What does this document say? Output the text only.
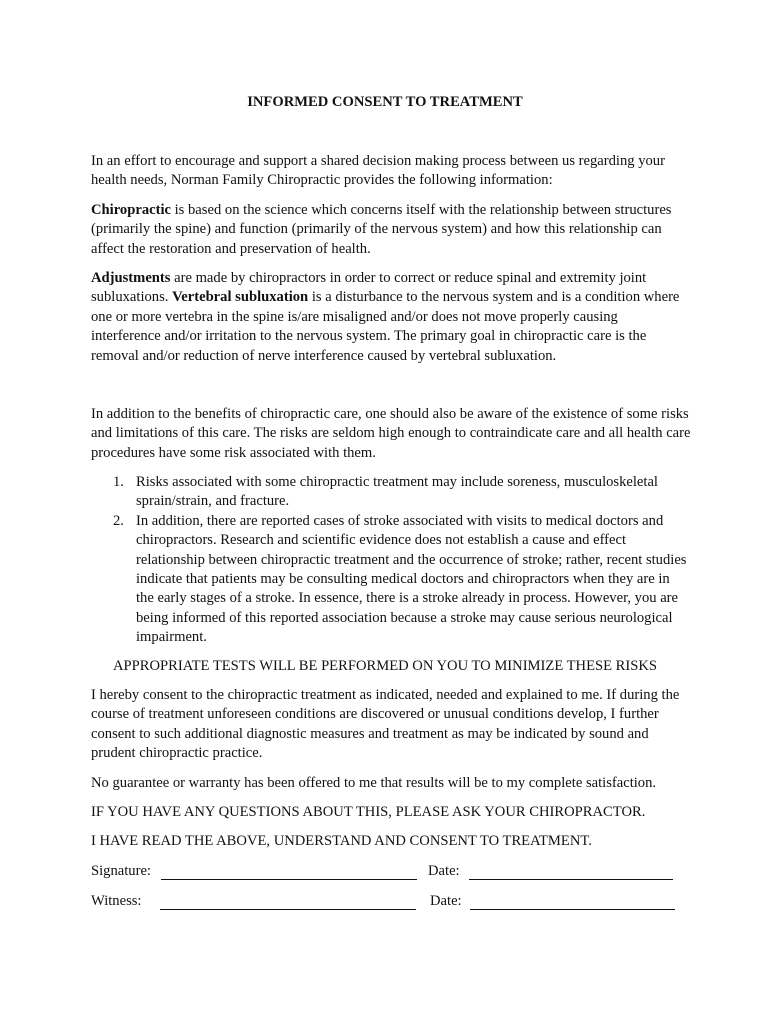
INFORMED CONSENT TO TREATMENT

In an effort to encourage and support a shared decision making process between us regarding your health needs, Norman Family Chiropractic provides the following information:

Chiropractic is based on the science which concerns itself with the relationship between structures (primarily the spine) and function (primarily of the nervous system) and how this relationship can affect the restoration and preservation of health.

Adjustments are made by chiropractors in order to correct or reduce spinal and extremity joint subluxations. Vertebral subluxation is a disturbance to the nervous system and is a condition where one or more vertebra in the spine is/are misaligned and/or does not move properly causing interference and/or irritation to the nervous system. The primary goal in chiropractic care is the removal and/or reduction of nerve interference caused by vertebral subluxation.

In addition to the benefits of chiropractic care, one should also be aware of the existence of some risks and limitations of this care. The risks are seldom high enough to contraindicate care and all health care procedures have some risk associated with them.

1. Risks associated with some chiropractic treatment may include soreness, musculoskeletal sprain/strain, and fracture.
2. In addition, there are reported cases of stroke associated with visits to medical doctors and chiropractors. Research and scientific evidence does not establish a cause and effect relationship between chiropractic treatment and the occurrence of stroke; rather, recent studies indicate that patients may be consulting medical doctors and chiropractors when they are in the early stages of a stroke. In essence, there is a stroke already in process. However, you are being informed of this reported association because a stroke may cause serious neurological impairment.

APPROPRIATE TESTS WILL BE PERFORMED ON YOU TO MINIMIZE THESE RISKS

I hereby consent to the chiropractic treatment as indicated, needed and explained to me. If during the course of treatment unforeseen conditions are discovered or unusual conditions develop, I further consent to such additional diagnostic measures and treatment as may be indicated by sound and prudent chiropractic practice.

No guarantee or warranty has been offered to me that results will be to my complete satisfaction.

IF YOU HAVE ANY QUESTIONS ABOUT THIS, PLEASE ASK YOUR CHIROPRACTOR.

I HAVE READ THE ABOVE, UNDERSTAND AND CONSENT TO TREATMENT.

Signature:	Date:
Witness:	Date:
